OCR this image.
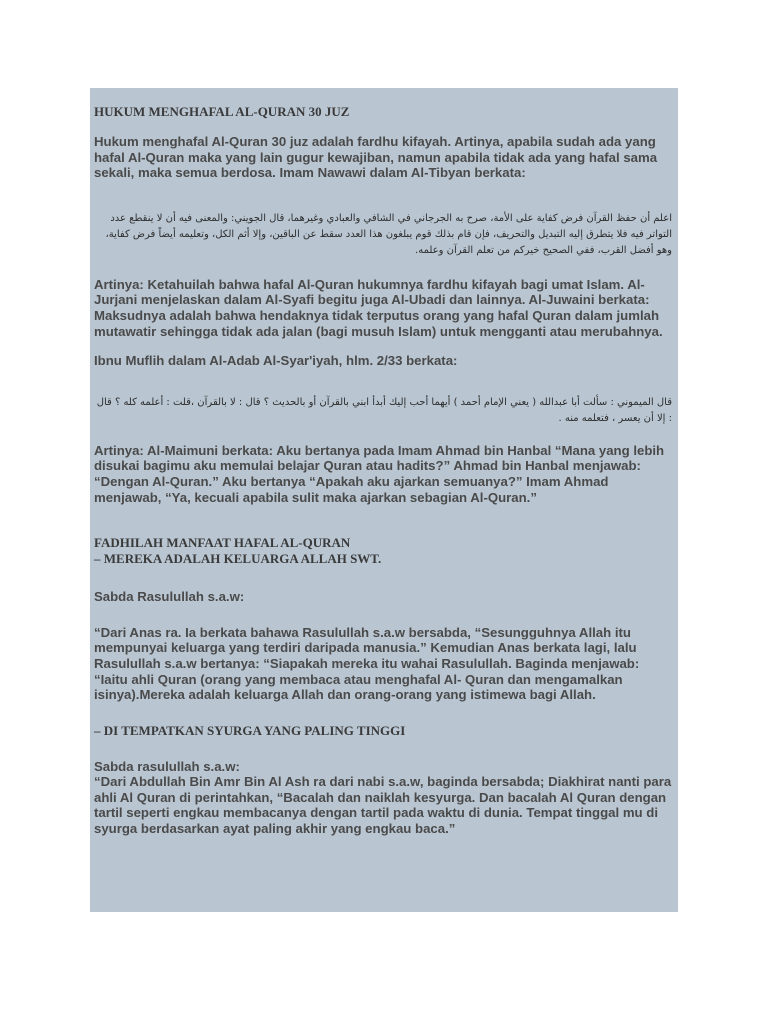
HUKUM MENGHAFAL AL-QURAN 30 JUZ

Hukum menghafal Al-Quran 30 juz adalah fardhu kifayah. Artinya, apabila sudah ada yang hafal Al-Quran maka yang lain gugur kewajiban, namun apabila tidak ada yang hafal sama sekali, maka semua berdosa. Imam Nawawi dalam Al-Tibyan berkata:

اعلم أن حفظ القرآن فرض كفاية على الأمة، صرح به الجرجاني في الشافي والعبادي وغيرهما، قال الجويني: والمعنى فيه أن لا ينقطع عدد التواتر فيه فلا يتطرق إليه التبديل والتحريف، فإن قام بذلك قوم يبلغون هذا العدد سقط عن الباقين، وإلا أثم الكل، وتعليمه أيضاً فرض كفاية، وهو أفضل القرب، ففي الصحيح خيركم من تعلم القرآن وعلمه.

Artinya: Ketahuilah bahwa hafal Al-Quran hukumnya fardhu kifayah bagi umat Islam. Al-Jurjani menjelaskan dalam Al-Syafi begitu juga Al-Ubadi dan lainnya. Al-Juwaini berkata: Maksudnya adalah bahwa hendaknya tidak terputus orang yang hafal Quran dalam jumlah mutawatir sehingga tidak ada jalan (bagi musuh Islam) untuk mengganti atau merubahnya.

Ibnu Muflih dalam Al-Adab Al-Syar'iyah, hlm. 2/33 berkata:

قال الميموني : سألت أبا عبدالله ( يعني الإمام أحمد ) أيهما أحب إليك أبدأ ابني بالقرآن أو بالحديث ؟ قال : لا بالقرآن ،قلت : أعلمه كله ؟ قال : إلا أن يعسر ، فتعلمه منه .

Artinya: Al-Maimuni berkata: Aku bertanya pada Imam Ahmad bin Hanbal “Mana yang lebih disukai bagimu aku memulai belajar Quran atau hadits?” Ahmad bin Hanbal menjawab: “Dengan Al-Quran.” Aku bertanya “Apakah aku ajarkan semuanya?” Imam Ahmad menjawab, “Ya, kecuali apabila sulit maka ajarkan sebagian Al-Quran.”

FADHILAH MANFAAT HAFAL AL-QURAN

– MEREKA ADALAH KELUARGA ALLAH SWT.

Sabda Rasulullah s.a.w:

“Dari Anas ra. Ia berkata bahawa Rasulullah s.a.w bersabda, “Sesungguhnya Allah itu mempunyai keluarga yang terdiri daripada manusia.” Kemudian Anas berkata lagi, lalu Rasulullah s.a.w bertanya: “Siapakah mereka itu wahai Rasulullah. Baginda menjawab: “Iaitu ahli Quran (orang yang membaca atau menghafal Al- Quran dan mengamalkan isinya).Mereka adalah keluarga Allah dan orang-orang yang istimewa bagi Allah.

– DI TEMPATKAN SYURGA YANG PALING TINGGI

Sabda rasulullah s.a.w:

“Dari Abdullah Bin Amr Bin Al Ash ra dari nabi s.a.w, baginda bersabda; Diakhirat nanti para ahli Al Quran di perintahkan, “Bacalah dan naiklah kesyurga. Dan bacalah Al Quran dengan tartil seperti engkau membacanya dengan tartil pada waktu di dunia. Tempat tinggal mu di syurga berdasarkan ayat paling akhir yang engkau baca.”
